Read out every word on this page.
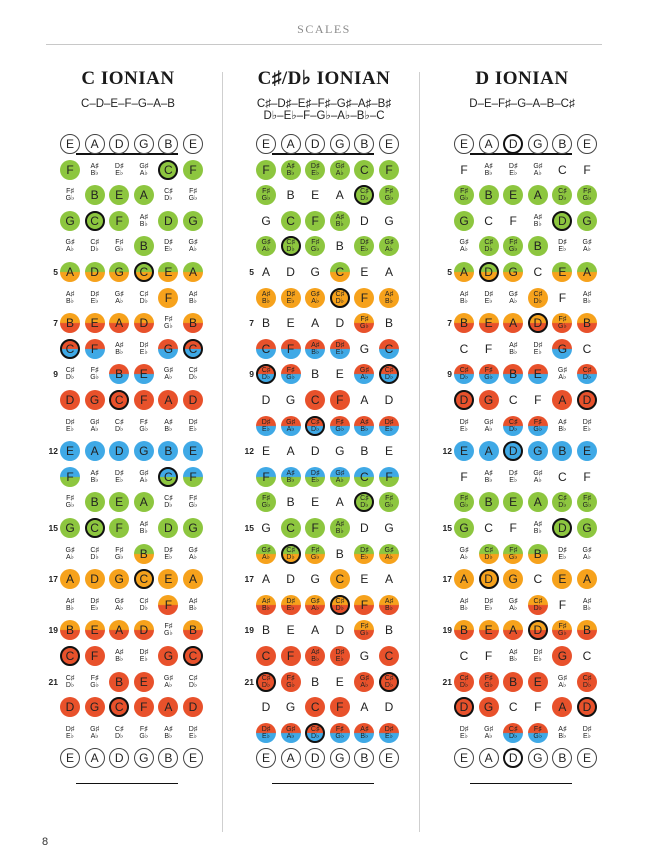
SCALES
C IONIAN
C–D–E–F–G–A–B
E A D G B E
F A♯
B♭
D♯
E♭
G♯
A♭ C F
F♯
G♭ B E A C♯
D♭
F♯
G♭
G C F A♯
B♭ D G
G♯
A♭
C♯
D♭
F♯
G♭ B D♯
E♭
G♯
A♭
5 A D G C E A
A♯
B♭
D♯
E♭
G♯
A♭
C♯
D♭ F A♯
B♭
7 B E A D F♯
G♭ B
C F A♯
B♭
D♯
E♭ G C
9 C♯
D♭
F♯
G♭ B E G♯
A♭
C♯
D♭
D G C F A D
D♯
E♭
G♯
A♭
C♯
D♭
F♯
G♭
A♯
B♭
D♯
E♭
12 E A D G B E
F A♯
B♭
D♯
E♭
G♯
A♭ C F
F♯
G♭ B E A C♯
D♭
F♯
G♭
15 G C F A♯
B♭ D G
G♯
A♭
C♯
D♭
F♯
G♭ B D♯
E♭
G♯
A♭
17 A D G C E A
A♯
B♭
D♯
E♭
G♯
A♭
C♯
D♭ F A♯
B♭
19 B E A D F♯
G♭ B
C F A♯
B♭
D♯
E♭ G C
21 C♯
D♭
F♯
G♭ B E G♯
A♭
C♯
D♭
D G C F A D
D♯
E♭
G♯
A♭
C♯
D♭
F♯
G♭
A♯
B♭
D♯
E♭
E A D G B E
C♯/D♭ IONIAN
C♯–D♯–E♯–F♯–G♯–A♯–B♯
D♭–E♭–F–G♭–A♭–B♭–C
E A D G B E
F A♯
B♭
D♯
E♭
G♯
A♭ C F
F♯
G♭ B E A C♯
D♭
F♯
G♭
G C F A♯
B♭ D G
G♯
A♭
C♯
D♭
F♯
G♭ B D♯
E♭
G♯
A♭
5 A D G C E A
A♯
B♭
D♯
E♭
G♯
A♭
C♯
D♭ F A♯
B♭
7 B E A D F♯
G♭ B
C F A♯
B♭
D♯
E♭ G C
9 C♯
D♭
F♯
G♭ B E G♯
A♭
C♯
D♭
D G C F A D
D♯
E♭
G♯
A♭
C♯
D♭
F♯
G♭
A♯
B♭
D♯
E♭
12 E A D G B E
F A♯
B♭
D♯
E♭
G♯
A♭ C F
F♯
G♭ B E A C♯
D♭
F♯
G♭
15 G C F A♯
B♭ D G
G♯
A♭
C♯
D♭
F♯
G♭ B D♯
E♭
G♯
A♭
17 A D G C E A
A♯
B♭
D♯
E♭
G♯
A♭
C♯
D♭ F A♯
B♭
19 B E A D F♯
G♭ B
C F A♯
B♭
D♯
E♭ G C
21 C♯
D♭
F♯
G♭ B E G♯
A♭
C♯
D♭
D G C F A D
D♯
E♭
G♯
A♭
C♯
D♭
F♯
G♭
A♯
B♭
D♯
E♭
E A D G B E
D IONIAN
D–E–F♯–G–A–B–C♯
E A D G B E
F A♯
B♭
D♯
E♭
G♯
A♭ C F
F♯
G♭ B E A C♯
D♭
F♯
G♭
G C F A♯
B♭ D G
G♯
A♭
C♯
D♭
F♯
G♭ B D♯
E♭
G♯
A♭
5 A D G C E A
A♯
B♭
D♯
E♭
G♯
A♭
C♯
D♭ F A♯
B♭
7 B E A D F♯
G♭ B
C F A♯
B♭
D♯
E♭ G C
9 C♯
D♭
F♯
G♭ B E G♯
A♭
C♯
D♭
D G C F A D
D♯
E♭
G♯
A♭
C♯
D♭
F♯
G♭
A♯
B♭
D♯
E♭
12 E A D G B E
F A♯
B♭
D♯
E♭
G♯
A♭ C F
F♯
G♭ B E A C♯
D♭
F♯
G♭
15 G C F A♯
B♭ D G
G♯
A♭
C♯
D♭
F♯
G♭ B D♯
E♭
G♯
A♭
17 A D G C E A
A♯
B♭
D♯
E♭
G♯
A♭
C♯
D♭ F A♯
B♭
19 B E A D F♯
G♭ B
C F A♯
B♭
D♯
E♭ G C
21 C♯
D♭
F♯
G♭ B E G♯
A♭
C♯
D♭
D G C F A D
D♯
E♭
G♯
A♭
C♯
D♭
F♯
G♭
A♯
B♭
D♯
E♭
E A D G B E
8
